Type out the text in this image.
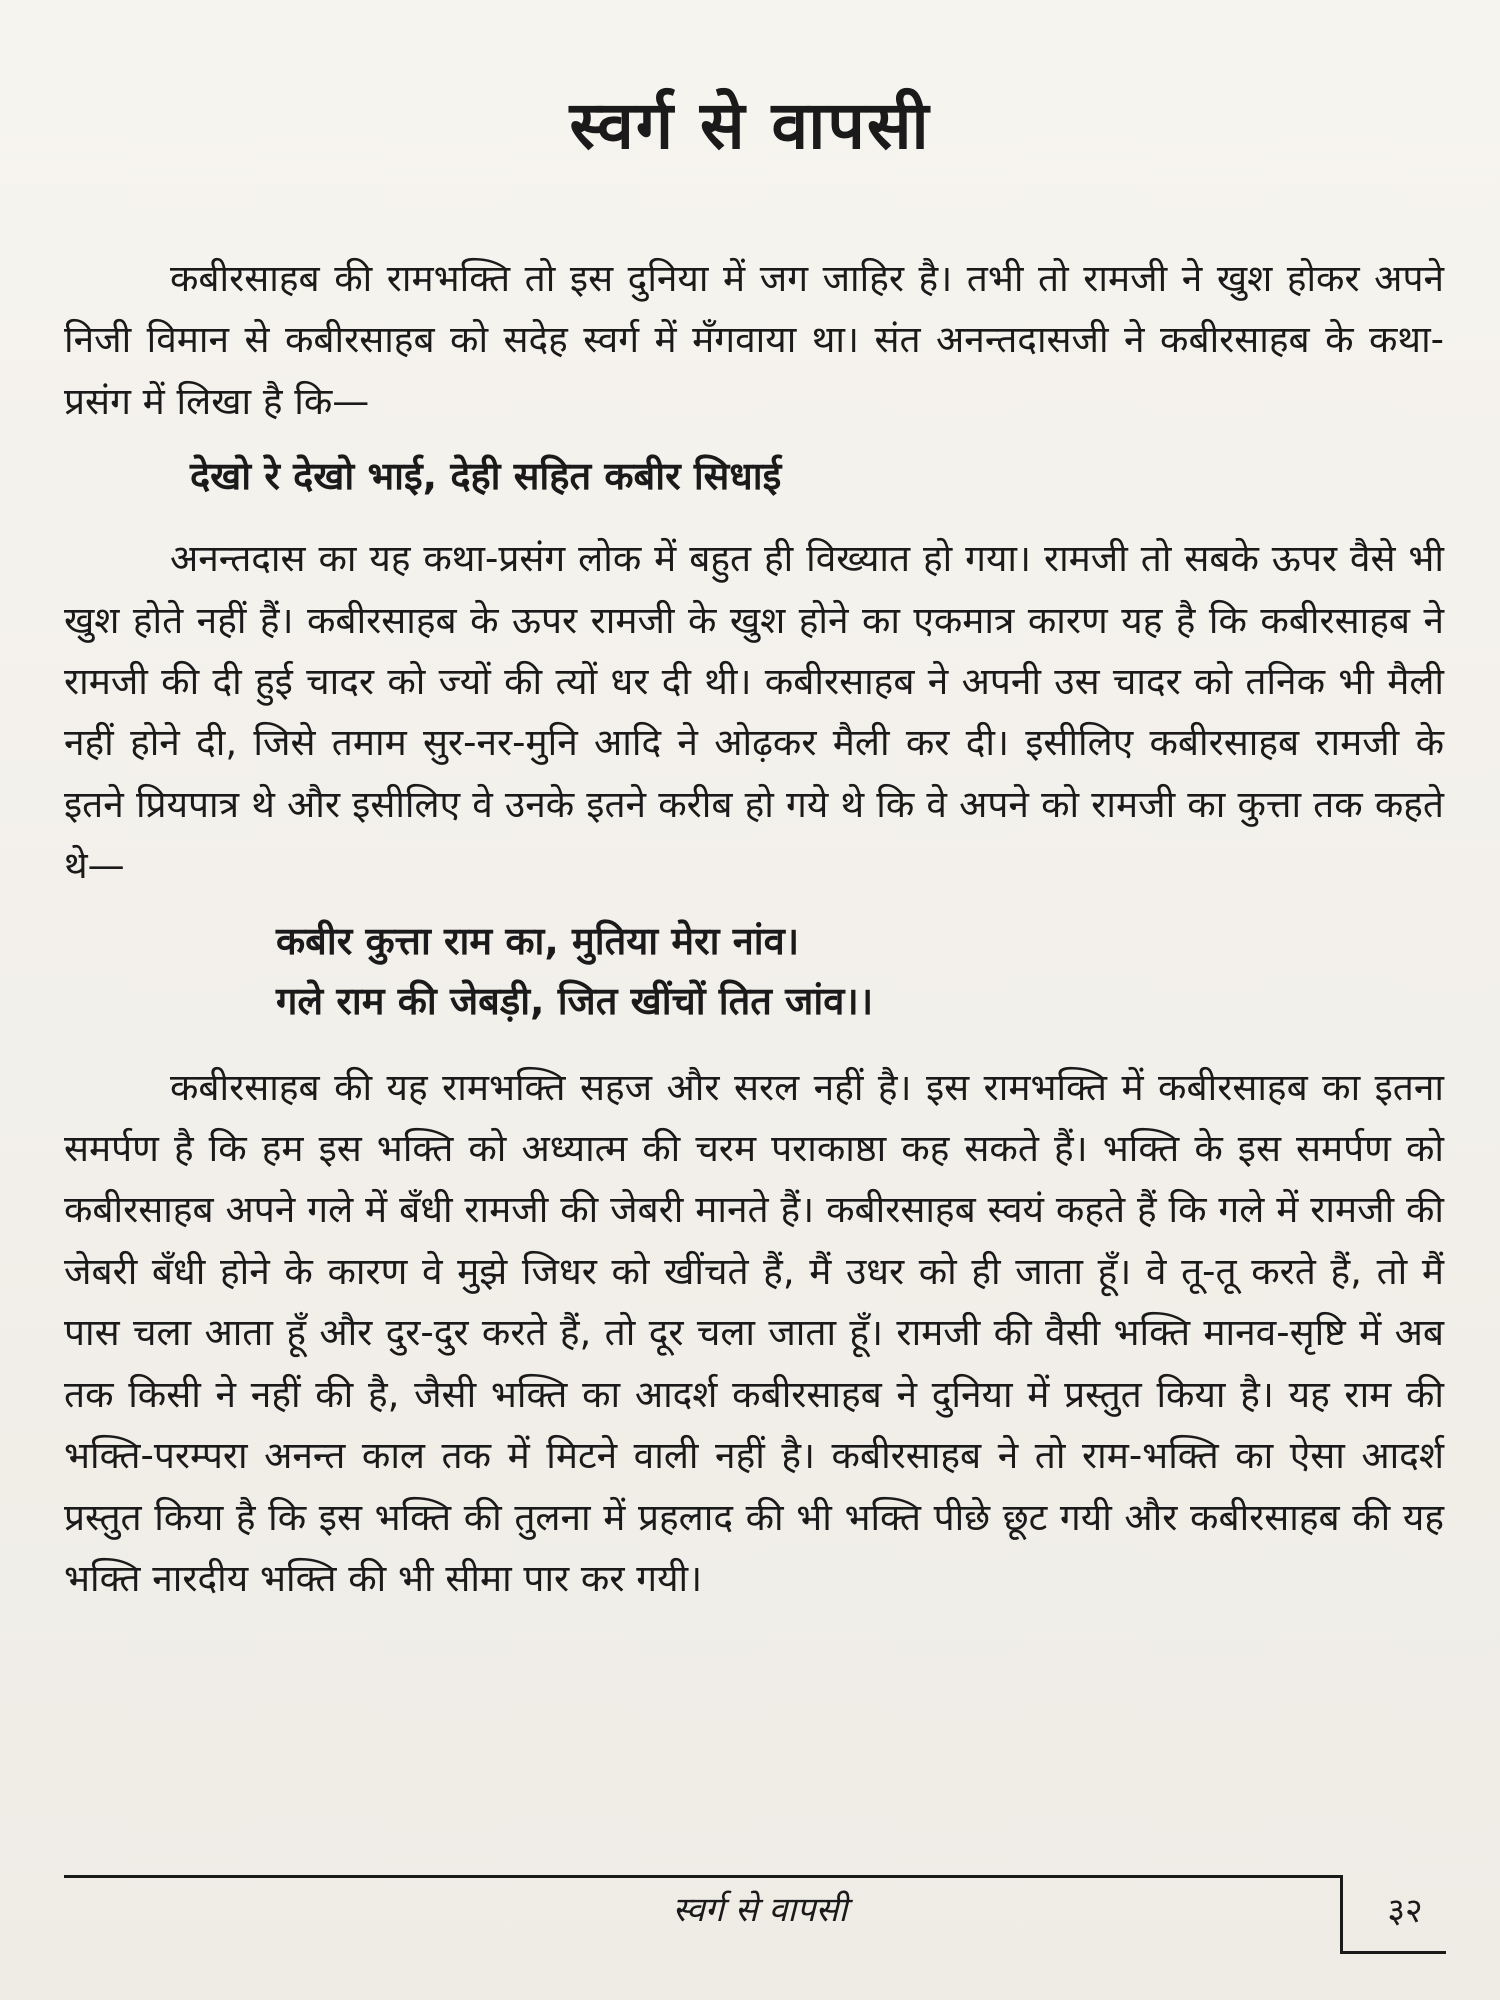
स्वर्ग से वापसी

कबीरसाहब की रामभक्ति तो इस दुनिया में जग जाहिर है। तभी तो रामजी ने खुश होकर अपने निजी विमान से कबीरसाहब को सदेह स्वर्ग में मँगवाया था। संत अनन्तदासजी ने कबीरसाहब के कथा-प्रसंग में लिखा है कि—

देखो रे देखो भाई, देही सहित कबीर सिधाई

अनन्तदास का यह कथा-प्रसंग लोक में बहुत ही विख्यात हो गया। रामजी तो सबके ऊपर वैसे भी खुश होते नहीं हैं। कबीरसाहब के ऊपर रामजी के खुश होने का एकमात्र कारण यह है कि कबीरसाहब ने रामजी की दी हुई चादर को ज्यों की त्यों धर दी थी। कबीरसाहब ने अपनी उस चादर को तनिक भी मैली नहीं होने दी, जिसे तमाम सुर-नर-मुनि आदि ने ओढ़कर मैली कर दी। इसीलिए कबीरसाहब रामजी के इतने प्रियपात्र थे और इसीलिए वे उनके इतने करीब हो गये थे कि वे अपने को रामजी का कुत्ता तक कहते थे—

कबीर कुत्ता राम का, मुतिया मेरा नांव।

गले राम की जेबड़ी, जित खींचों तित जांव।।

कबीरसाहब की यह रामभक्ति सहज और सरल नहीं है। इस रामभक्ति में कबीरसाहब का इतना समर्पण है कि हम इस भक्ति को अध्यात्म की चरम पराकाष्ठा कह सकते हैं। भक्ति के इस समर्पण को कबीरसाहब अपने गले में बँधी रामजी की जेबरी मानते हैं। कबीरसाहब स्वयं कहते हैं कि गले में रामजी की जेबरी बँधी होने के कारण वे मुझे जिधर को खींचते हैं, मैं उधर को ही जाता हूँ। वे तू-तू करते हैं, तो मैं पास चला आता हूँ और दुर-दुर करते हैं, तो दूर चला जाता हूँ। रामजी की वैसी भक्ति मानव-सृष्टि में अब तक किसी ने नहीं की है, जैसी भक्ति का आदर्श कबीरसाहब ने दुनिया में प्रस्तुत किया है। यह राम की भक्ति-परम्परा अनन्त काल तक में मिटने वाली नहीं है। कबीरसाहब ने तो राम-भक्ति का ऐसा आदर्श प्रस्तुत किया है कि इस भक्ति की तुलना में प्रहलाद की भी भक्ति पीछे छूट गयी और कबीरसाहब की यह भक्ति नारदीय भक्ति की भी सीमा पार कर गयी।

स्वर्ग से वापसी	३२
